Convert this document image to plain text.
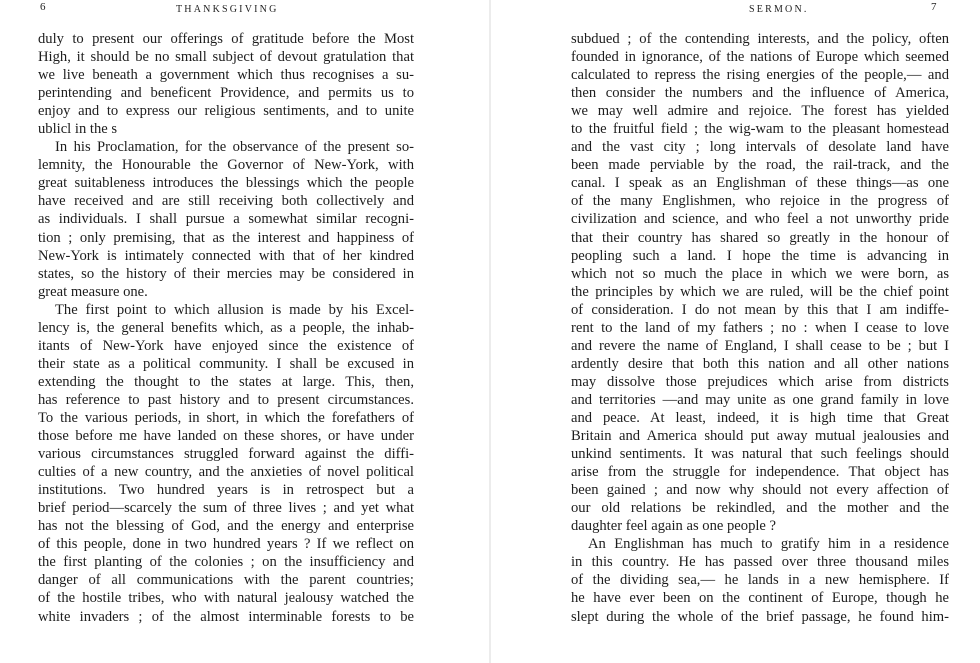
6	THANKSGIVING
duly to present our offerings of gratitude before the Most
High, it should be no small subject of devout gratulation that
we live beneath a government which thus recognises a su-
perintending and beneficent Providence, and permits us to
enjoy and to express our religious sentiments, and to unite
ublicl in the s
In his Proclamation, for the observance of the present so-
lemnity, the Honourable the Governor of New-York, with
great suitableness introduces the blessings which the people
have received and are still receiving both collectively and
as individuals. I shall pursue a somewhat similar recogni-
tion ; only premising, that as the interest and happiness of
New-York is intimately connected with that of her kindred
states, so the history of their mercies may be considered in
great measure one.
The first point to which allusion is made by his Excel-
lency is, the general benefits which, as a people, the inhab-
itants of New-York have enjoyed since the existence of
their state as a political community. I shall be excused in
extending the thought to the states at large. This, then,
has reference to past history and to present circumstances.
To the various periods, in short, in which the forefathers of
those before me have landed on these shores, or have under
various circumstances struggled forward against the diffi-
culties of a new country, and the anxieties of novel political
institutions. Two hundred years is in retrospect but a
brief period—scarcely the sum of three lives ; and yet what
has not the blessing of God, and the energy and enterprise
of this people, done in two hundred years ? If we reflect on
the first planting of the colonies ; on the insufficiency and
danger of all communications with the parent countries;
of the hostile tribes, who with natural jealousy watched the
white invaders ; of the almost interminable forests to be
SERMON.	7
subdued ; of the contending interests, and the policy, often
founded in ignorance, of the nations of Europe which seemed
calculated to repress the rising energies of the people,— and
then consider the numbers and the influence of America,
we may well admire and rejoice. The forest has yielded
to the fruitful field ; the wig-wam to the pleasant homestead
and the vast city ; long intervals of desolate land have
been made perviable by the road, the rail-track, and the
canal. I speak as an Englishman of these things—as one
of the many Englishmen, who rejoice in the progress of
civilization and science, and who feel a not unworthy pride
that their country has shared so greatly in the honour of
peopling such a land. I hope the time is advancing in
which not so much the place in which we were born, as
the principles by which we are ruled, will be the chief point
of consideration. I do not mean by this that I am indiffe-
rent to the land of my fathers ; no : when I cease to love
and revere the name of England, I shall cease to be ; but I
ardently desire that both this nation and all other nations
may dissolve those prejudices which arise from districts
and territories —and may unite as one grand family in love
and peace. At least, indeed, it is high time that Great
Britain and America should put away mutual jealousies and
unkind sentiments. It was natural that such feelings should
arise from the struggle for independence. That object has
been gained ; and now why should not every affection of
our old relations be rekindled, and the mother and the
daughter feel again as one people ?
An Englishman has much to gratify him in a residence
in this country. He has passed over three thousand miles
of the dividing sea,— he lands in a new hemisphere. If
he have ever been on the continent of Europe, though he
slept during the whole of the brief passage, he found him-
